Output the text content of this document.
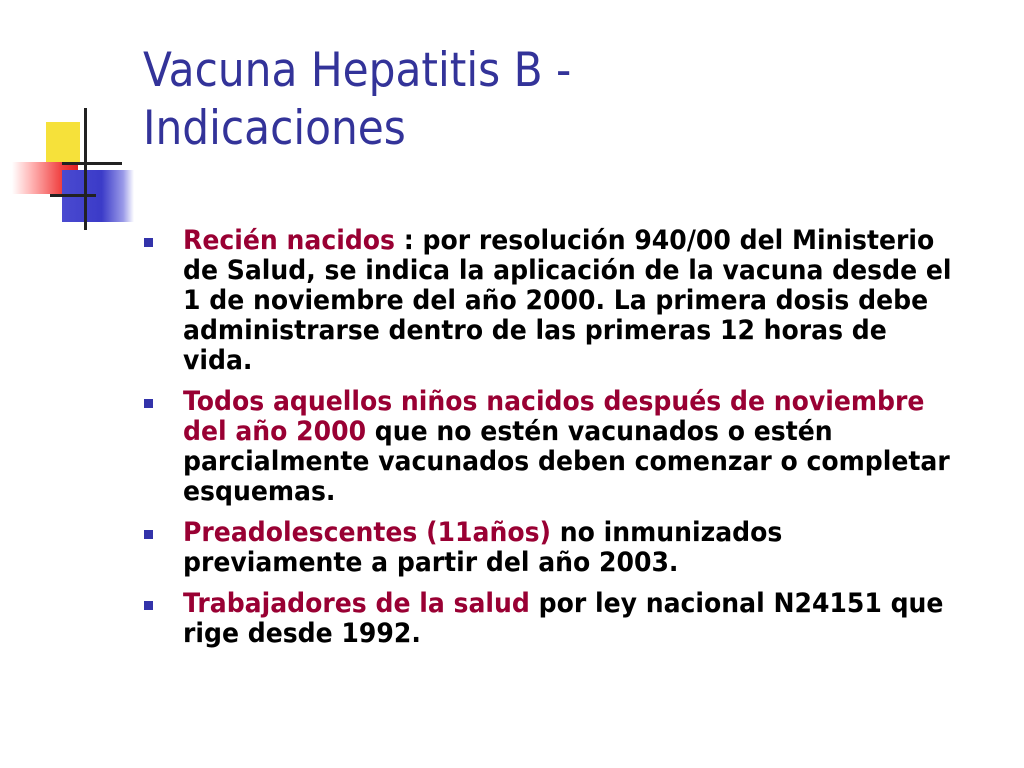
Vacuna Hepatitis B -
Indicaciones
Recién nacidos : por resolución 940/00 del Ministerio de Salud, se indica la aplicación de la vacuna desde el 1 de noviembre del año 2000. La primera dosis debe administrarse dentro de las primeras 12 horas de vida.
Todos aquellos niños nacidos después de noviembre del año 2000 que no estén vacunados o estén parcialmente vacunados deben comenzar o completar esquemas.
Preadolescentes (11años) no inmunizados previamente a partir del año 2003.
Trabajadores de la salud por ley nacional N24151 que rige desde 1992.
